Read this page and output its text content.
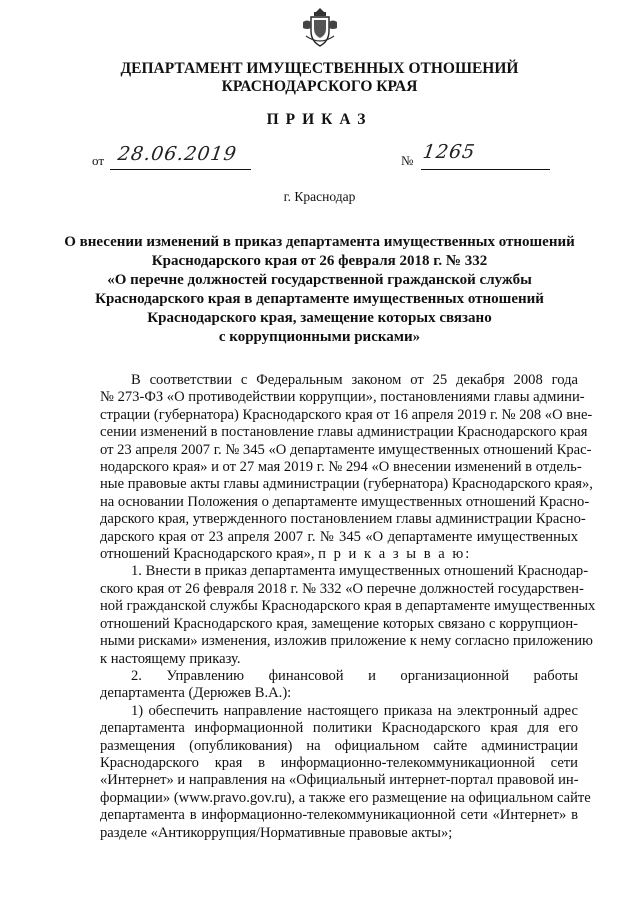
ДЕПАРТАМЕНТ ИМУЩЕСТВЕННЫХ ОТНОШЕНИЙ
КРАСНОДАРСКОГО КРАЯ
ПРИКАЗ
от 28.06.2019	№ 1265
г. Краснодар
О внесении изменений в приказ департамента имущественных отношений
Краснодарского края от 26 февраля 2018 г. № 332
«О перечне должностей государственной гражданской службы
Краснодарского края в департаменте имущественных отношений
Краснодарского края, замещение которых связано
с коррупционными рисками»
В соответствии с Федеральным законом от 25 декабря 2008 года
№ 273-ФЗ «О противодействии коррупции», постановлениями главы админи-
страции (губернатора) Краснодарского края от 16 апреля 2019 г. № 208 «О вне-
сении изменений в постановление главы администрации Краснодарского края
от 23 апреля 2007 г. № 345 «О департаменте имущественных отношений Крас-
нодарского края» и от 27 мая 2019 г. № 294 «О внесении изменений в отдель-
ные правовые акты главы администрации (губернатора) Краснодарского края»,
на основании Положения о департаменте имущественных отношений Красно-
дарского края, утвержденного постановлением главы администрации Красно-
дарского края от 23 апреля 2007 г. № 345 «О департаменте имущественных
отношений Краснодарского края», п р и к а з ы в а ю:
1. Внести в приказ департамента имущественных отношений Краснодар-
ского края от 26 февраля 2018 г. № 332 «О перечне должностей государствен-
ной гражданской службы Краснодарского края в департаменте имущественных
отношений Краснодарского края, замещение которых связано с коррупцион-
ными рисками» изменения, изложив приложение к нему согласно приложению
к настоящему приказу.
2. Управлению финансовой и организационной работы
департамента (Дерюжев В.А.):
1) обеспечить направление настоящего приказа на электронный адрес
департамента информационной политики Краснодарского края для его
размещения (опубликования) на официальном сайте администрации
Краснодарского края в информационно-телекоммуникационной сети
«Интернет» и направления на «Официальный интернет-портал правовой ин-
формации» (www.pravo.gov.ru), а также его размещение на официальном сайте
департамента в информационно-телекоммуникационной сети «Интернет» в
разделе «Антикоррупция/Нормативные правовые акты»;
